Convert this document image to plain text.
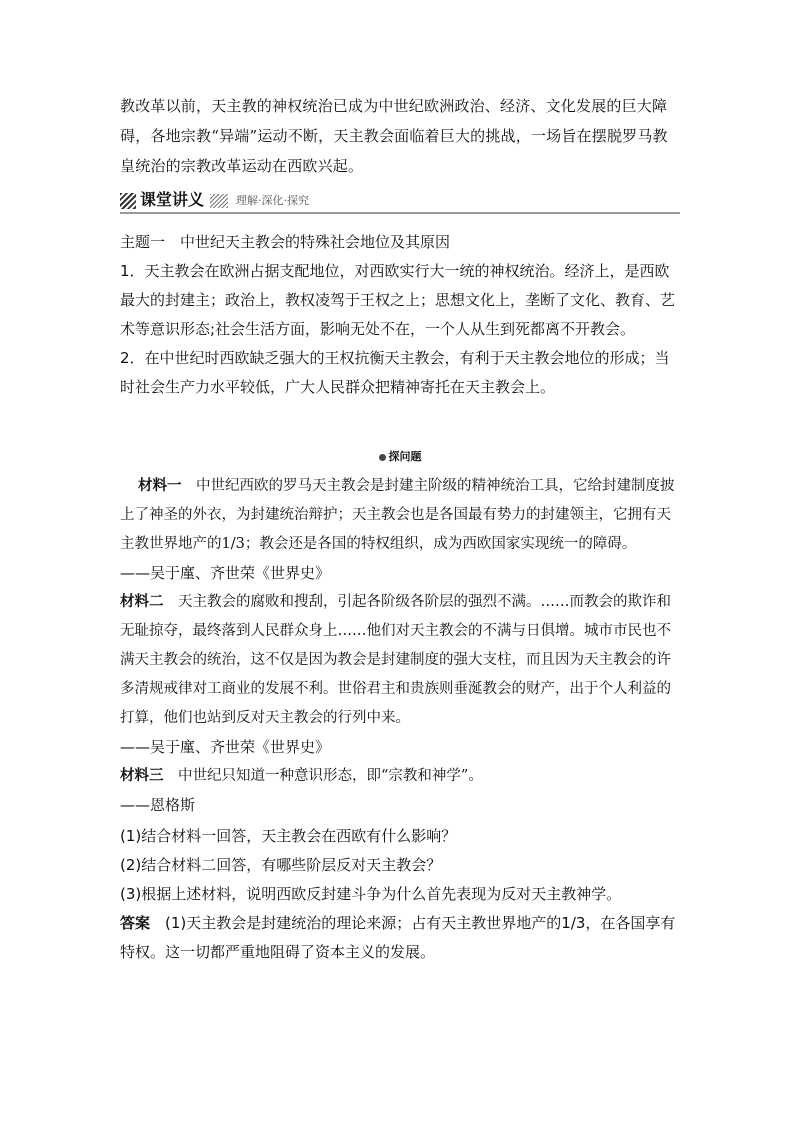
教改革以前，天主教的神权统治已成为中世纪欧洲政治、经济、文化发展的巨大障碍，各地宗教“异端”运动不断，天主教会面临着巨大的挑战，一场旨在摆脱罗马教皇统治的宗教改革运动在西欧兴起。

课堂讲义	理解·深化·探究

主题一　中世纪天主教会的特殊社会地位及其原因

1．天主教会在欧洲占据支配地位，对西欧实行大一统的神权统治。经济上，是西欧最大的封建主；政治上，教权凌驾于王权之上；思想文化上，垄断了文化、教育、艺术等意识形态;社会生活方面，影响无处不在，一个人从生到死都离不开教会。

2．在中世纪时西欧缺乏强大的王权抗衡天主教会，有利于天主教会地位的形成；当时社会生产力水平较低，广大人民群众把精神寄托在天主教会上。

探问题

材料一　 中世纪西欧的罗马天主教会是封建主阶级的精神统治工具，它给封建制度披上了神圣的外衣，为封建统治辩护；天主教会也是各国最有势力的封建领主，它拥有天主教世界地产的1/3；教会还是各国的特权组织，成为西欧国家实现统一的障碍。

——吴于廑、齐世荣《世界史》

材料二　 天主教会的腐败和搜刮，引起各阶级各阶层的强烈不满。……而教会的欺诈和无耻掠夺，最终落到人民群众身上……他们对天主教会的不满与日俱增。城市市民也不满天主教会的统治，这不仅是因为教会是封建制度的强大支柱，而且因为天主教会的许多清规戒律对工商业的发展不利。世俗君主和贵族则垂涎教会的财产，出于个人利益的打算，他们也站到反对天主教会的行列中来。

——吴于廑、齐世荣《世界史》

材料三　 中世纪只知道一种意识形态，即“宗教和神学”。

——恩格斯

(1)结合材料一回答，天主教会在西欧有什么影响？

(2)结合材料二回答，有哪些阶层反对天主教会？

(3)根据上述材料，说明西欧反封建斗争为什么首先表现为反对天主教神学。

答案　 (1)天主教会是封建统治的理论来源；占有天主教世界地产的1/3，在各国享有特权。这一切都严重地阻碍了资本主义的发展。
